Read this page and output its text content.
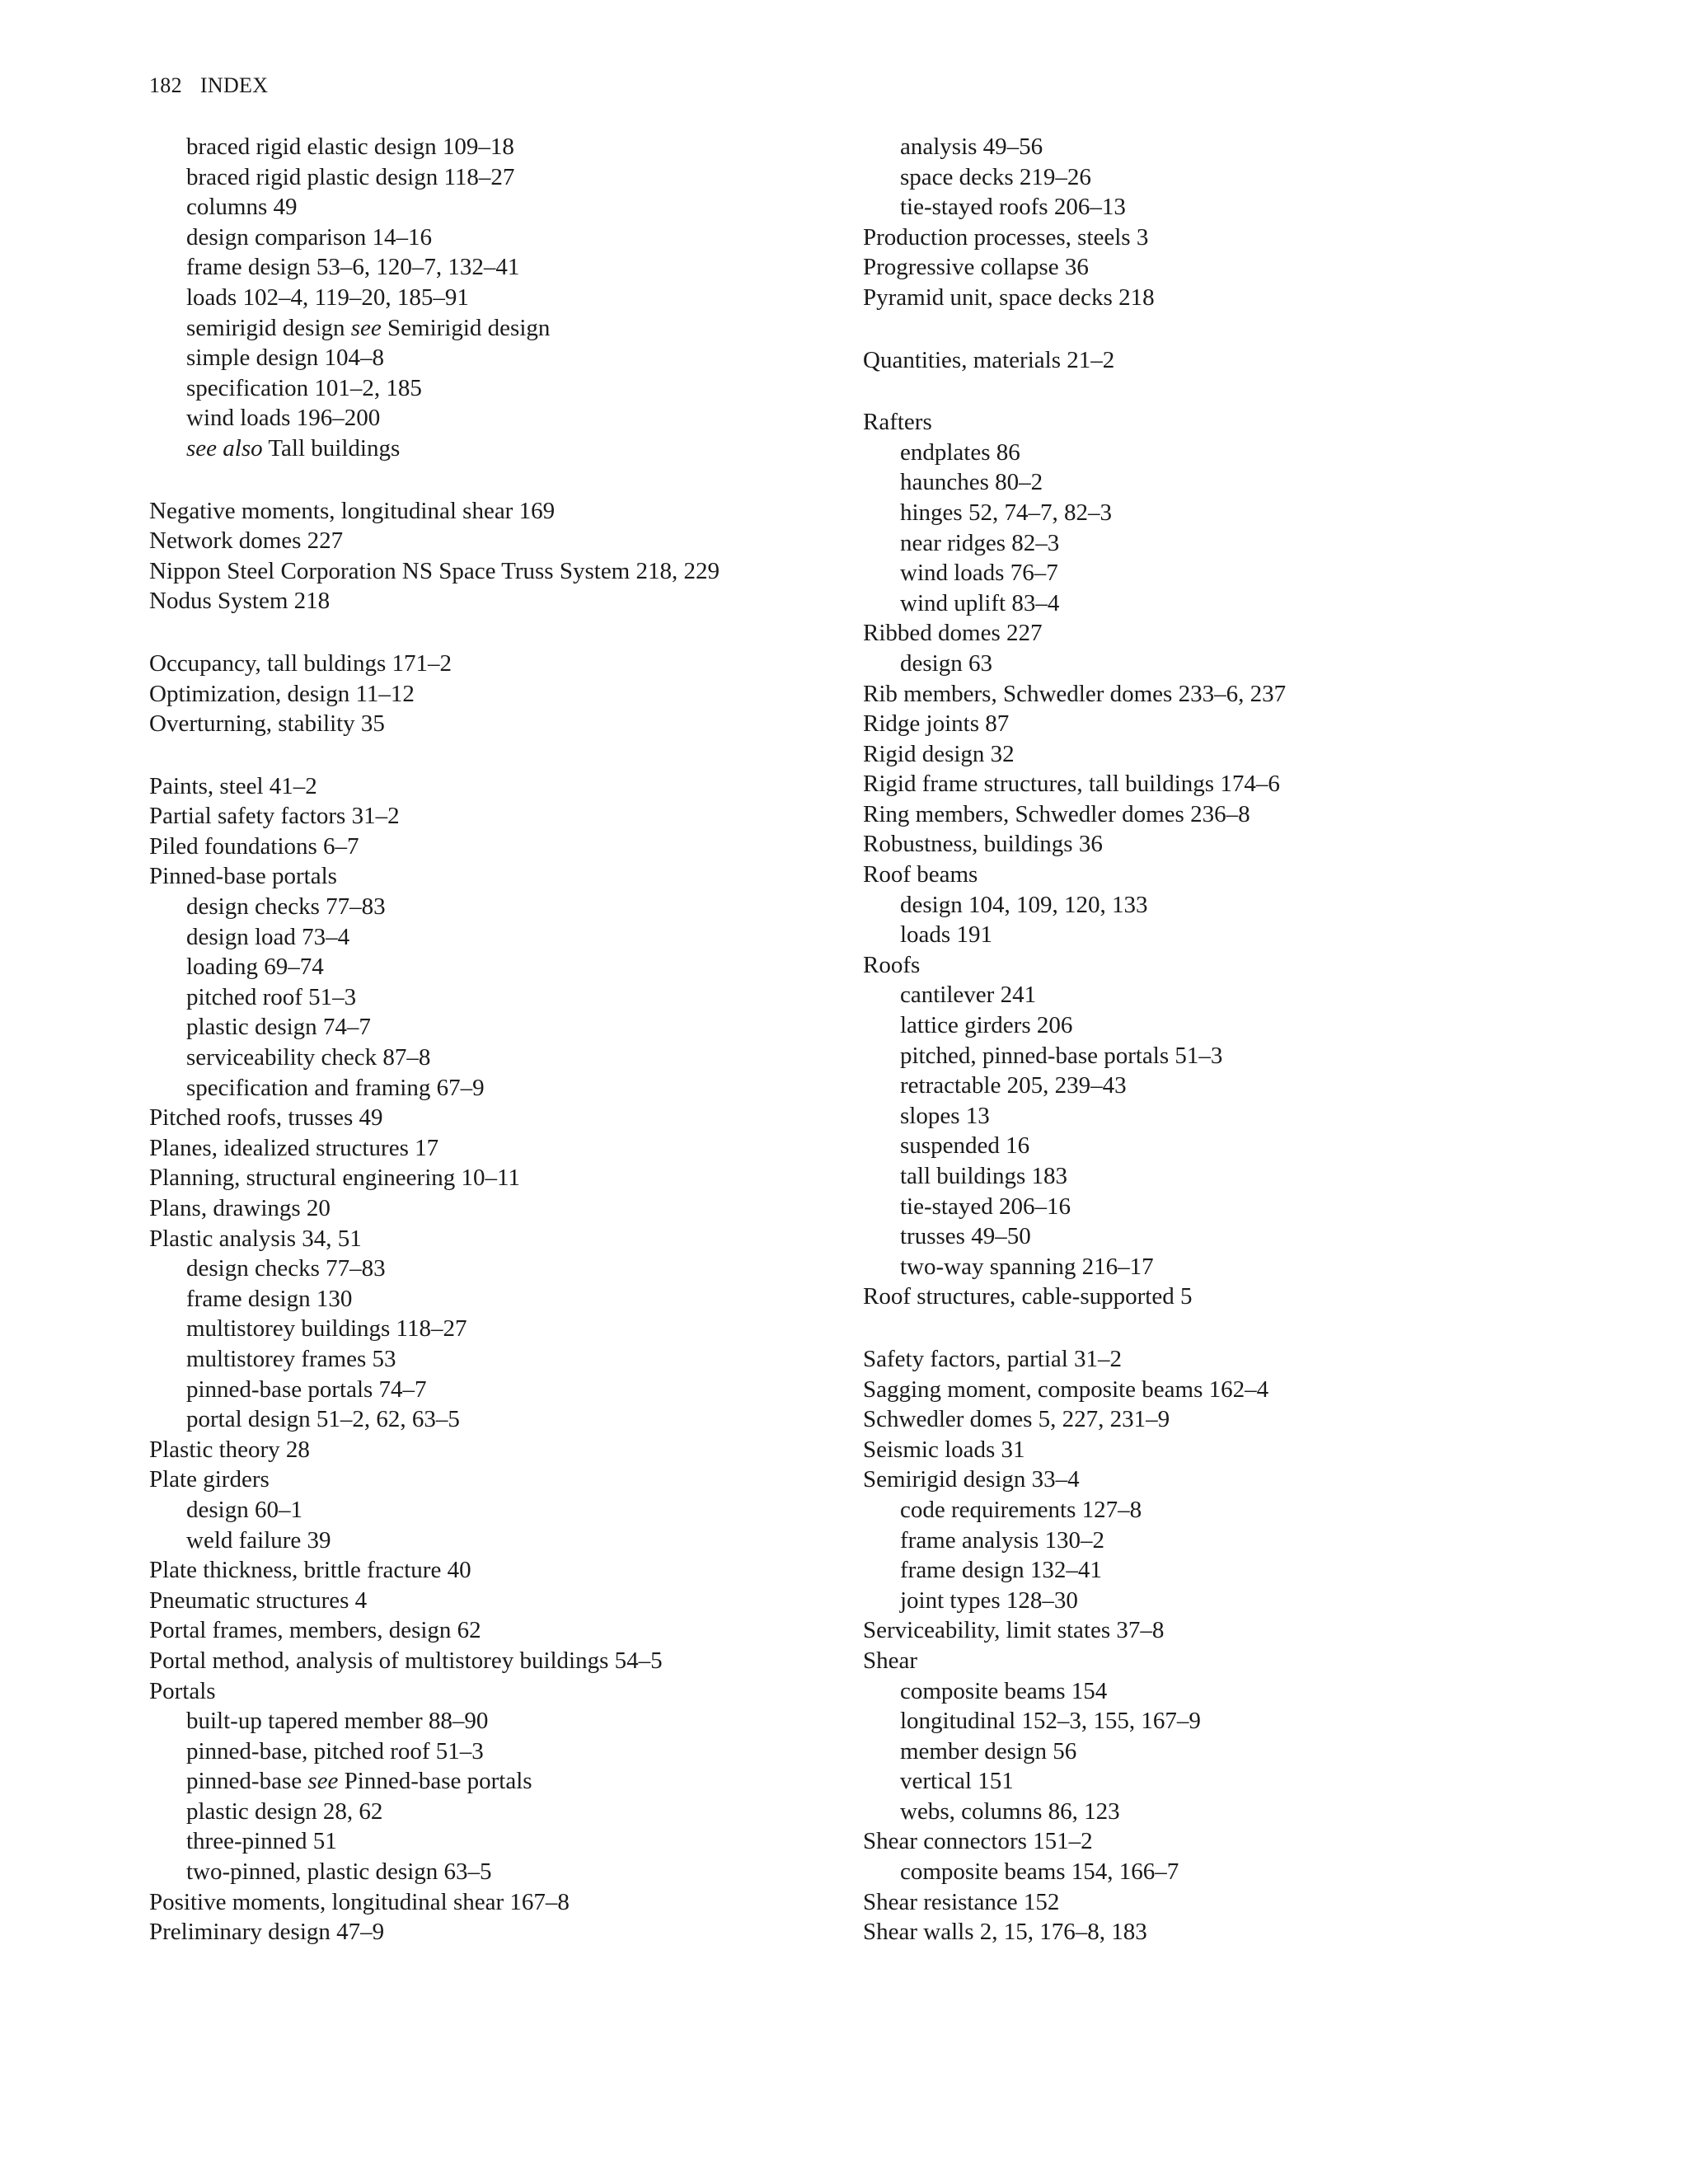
182 INDEX
braced rigid elastic design 109–18
braced rigid plastic design 118–27
columns 49
design comparison 14–16
frame design 53–6, 120–7, 132–41
loads 102–4, 119–20, 185–91
semirigid design see Semirigid design
simple design 104–8
specification 101–2, 185
wind loads 196–200
see also Tall buildings
Negative moments, longitudinal shear 169
Network domes 227
Nippon Steel Corporation NS Space Truss System 218, 229
Nodus System 218
Occupancy, tall buldings 171–2
Optimization, design 11–12
Overturning, stability 35
Paints, steel 41–2
Partial safety factors 31–2
Piled foundations 6–7
Pinned-base portals
design checks 77–83
design load 73–4
loading 69–74
pitched roof 51–3
plastic design 74–7
serviceability check 87–8
specification and framing 67–9
Pitched roofs, trusses 49
Planes, idealized structures 17
Planning, structural engineering 10–11
Plans, drawings 20
Plastic analysis 34, 51
design checks 77–83
frame design 130
multistorey buildings 118–27
multistorey frames 53
pinned-base portals 74–7
portal design 51–2, 62, 63–5
Plastic theory 28
Plate girders
design 60–1
weld failure 39
Plate thickness, brittle fracture 40
Pneumatic structures 4
Portal frames, members, design 62
Portal method, analysis of multistorey buildings 54–5
Portals
built-up tapered member 88–90
pinned-base, pitched roof 51–3
pinned-base see Pinned-base portals
plastic design 28, 62
three-pinned 51
two-pinned, plastic design 63–5
Positive moments, longitudinal shear 167–8
Preliminary design 47–9
analysis 49–56
space decks 219–26
tie-stayed roofs 206–13
Production processes, steels 3
Progressive collapse 36
Pyramid unit, space decks 218
Quantities, materials 21–2
Rafters
endplates 86
haunches 80–2
hinges 52, 74–7, 82–3
near ridges 82–3
wind loads 76–7
wind uplift 83–4
Ribbed domes 227
design 63
Rib members, Schwedler domes 233–6, 237
Ridge joints 87
Rigid design 32
Rigid frame structures, tall buildings 174–6
Ring members, Schwedler domes 236–8
Robustness, buildings 36
Roof beams
design 104, 109, 120, 133
loads 191
Roofs
cantilever 241
lattice girders 206
pitched, pinned-base portals 51–3
retractable 205, 239–43
slopes 13
suspended 16
tall buildings 183
tie-stayed 206–16
trusses 49–50
two-way spanning 216–17
Roof structures, cable-supported 5
Safety factors, partial 31–2
Sagging moment, composite beams 162–4
Schwedler domes 5, 227, 231–9
Seismic loads 31
Semirigid design 33–4
code requirements 127–8
frame analysis 130–2
frame design 132–41
joint types 128–30
Serviceability, limit states 37–8
Shear
composite beams 154
longitudinal 152–3, 155, 167–9
member design 56
vertical 151
webs, columns 86, 123
Shear connectors 151–2
composite beams 154, 166–7
Shear resistance 152
Shear walls 2, 15, 176–8, 183
